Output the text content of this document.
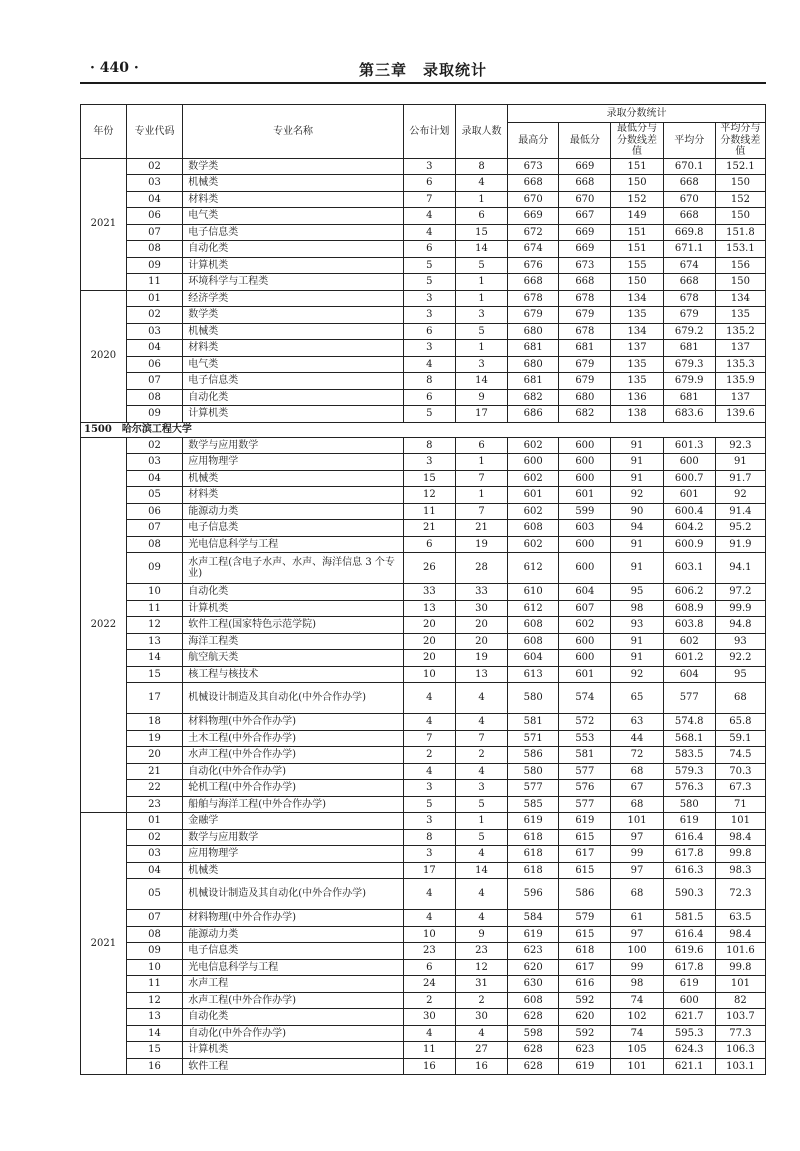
· 440 ·	第三章　录取统计
年份	专业代码	专业名称	公布计划	录取人数	录取分数统计				
					最高分	最低分	最低分与分数线差值	平均分	平均分与分数线差值
2021	02	数学类	3	8	673	669	151	670.1	152.1
	03	机械类	6	4	668	668	150	668	150
	04	材料类	7	1	670	670	152	670	152
	06	电气类	4	6	669	667	149	668	150
	07	电子信息类	4	15	672	669	151	669.8	151.8
	08	自动化类	6	14	674	669	151	671.1	153.1
	09	计算机类	5	5	676	673	155	674	156
	11	环境科学与工程类	5	1	668	668	150	668	150
2020	01	经济学类	3	1	678	678	134	678	134
	02	数学类	3	3	679	679	135	679	135
	03	机械类	6	5	680	678	134	679.2	135.2
	04	材料类	3	1	681	681	137	681	137
	06	电气类	4	3	680	679	135	679.3	135.3
	07	电子信息类	8	14	681	679	135	679.9	135.9
	08	自动化类	6	9	682	680	136	681	137
	09	计算机类	5	17	686	682	138	683.6	139.6
1500　哈尔滨工程大学									
2022	02	数学与应用数学	8	6	602	600	91	601.3	92.3
	03	应用物理学	3	1	600	600	91	600	91
	04	机械类	15	7	602	600	91	600.7	91.7
	05	材料类	12	1	601	601	92	601	92
	06	能源动力类	11	7	602	599	90	600.4	91.4
	07	电子信息类	21	21	608	603	94	604.2	95.2
	08	光电信息科学与工程	6	19	602	600	91	600.9	91.9
	09	水声工程(含电子水声、水声、海洋信息 3 个专业)	26	28	612	600	91	603.1	94.1
	10	自动化类	33	33	610	604	95	606.2	97.2
	11	计算机类	13	30	612	607	98	608.9	99.9
	12	软件工程(国家特色示范学院)	20	20	608	602	93	603.8	94.8
	13	海洋工程类	20	20	608	600	91	602	93
	14	航空航天类	20	19	604	600	91	601.2	92.2
	15	核工程与核技术	10	13	613	601	92	604	95
	17	机械设计制造及其自动化(中外合作办学)	4	4	580	574	65	577	68
	18	材料物理(中外合作办学)	4	4	581	572	63	574.8	65.8
	19	土木工程(中外合作办学)	7	7	571	553	44	568.1	59.1
	20	水声工程(中外合作办学)	2	2	586	581	72	583.5	74.5
	21	自动化(中外合作办学)	4	4	580	577	68	579.3	70.3
	22	轮机工程(中外合作办学)	3	3	577	576	67	576.3	67.3
	23	船舶与海洋工程(中外合作办学)	5	5	585	577	68	580	71
2021	01	金融学	3	1	619	619	101	619	101
	02	数学与应用数学	8	5	618	615	97	616.4	98.4
	03	应用物理学	3	4	618	617	99	617.8	99.8
	04	机械类	17	14	618	615	97	616.3	98.3
	05	机械设计制造及其自动化(中外合作办学)	4	4	596	586	68	590.3	72.3
	07	材料物理(中外合作办学)	4	4	584	579	61	581.5	63.5
	08	能源动力类	10	9	619	615	97	616.4	98.4
	09	电子信息类	23	23	623	618	100	619.6	101.6
	10	光电信息科学与工程	6	12	620	617	99	617.8	99.8
	11	水声工程	24	31	630	616	98	619	101
	12	水声工程(中外合作办学)	2	2	608	592	74	600	82
	13	自动化类	30	30	628	620	102	621.7	103.7
	14	自动化(中外合作办学)	4	4	598	592	74	595.3	77.3
	15	计算机类	11	27	628	623	105	624.3	106.3
	16	软件工程	16	16	628	619	101	621.1	103.1
